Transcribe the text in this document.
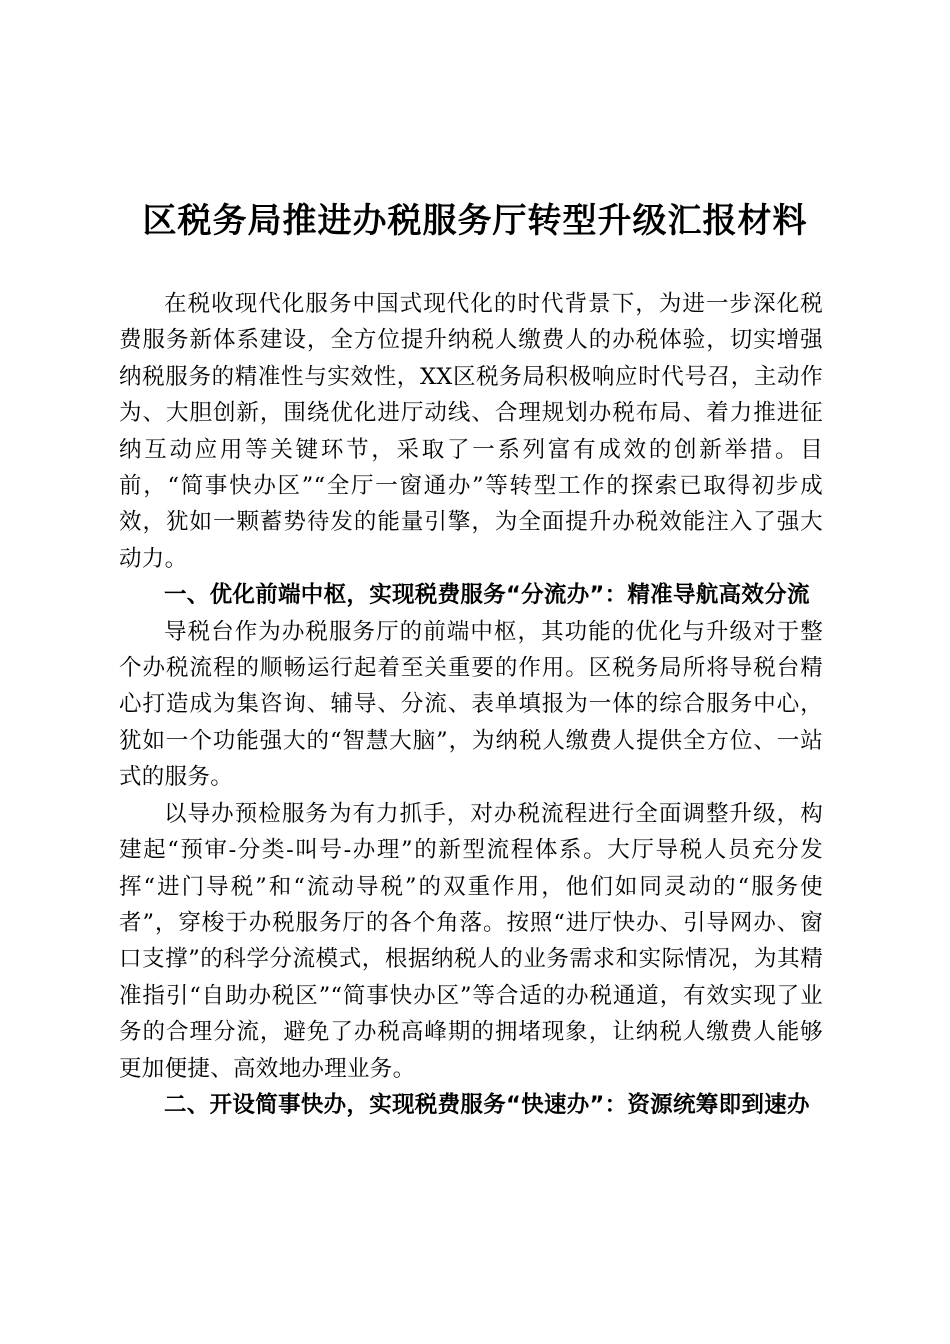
区税务局推进办税服务厅转型升级汇报材料

在税收现代化服务中国式现代化的时代背景下，为进一步深化税费服务新体系建设，全方位提升纳税人缴费人的办税体验，切实增强纳税服务的精准性与实效性，XX区税务局积极响应时代号召，主动作为、大胆创新，围绕优化进厅动线、合理规划办税布局、着力推进征纳互动应用等关键环节，采取了一系列富有成效的创新举措。目前，“简事快办区”“全厅一窗通办”等转型工作的探索已取得初步成效，犹如一颗蓄势待发的能量引擎，为全面提升办税效能注入了强大动力。

一、优化前端中枢，实现税费服务“分流办”：精准导航高效分流

导税台作为办税服务厅的前端中枢，其功能的优化与升级对于整个办税流程的顺畅运行起着至关重要的作用。区税务局所将导税台精心打造成为集咨询、辅导、分流、表单填报为一体的综合服务中心，犹如一个功能强大的“智慧大脑”，为纳税人缴费人提供全方位、一站式的服务。

以导办预检服务为有力抓手，对办税流程进行全面调整升级，构建起“预审-分类-叫号-办理”的新型流程体系。大厅导税人员充分发挥“进门导税”和“流动导税”的双重作用，他们如同灵动的“服务使者”，穿梭于办税服务厅的各个角落。按照“进厅快办、引导网办、窗口支撑”的科学分流模式，根据纳税人的业务需求和实际情况，为其精准指引“自助办税区”“简事快办区”等合适的办税通道，有效实现了业务的合理分流，避免了办税高峰期的拥堵现象，让纳税人缴费人能够更加便捷、高效地办理业务。

二、开设简事快办，实现税费服务“快速办”：资源统筹即到速办
